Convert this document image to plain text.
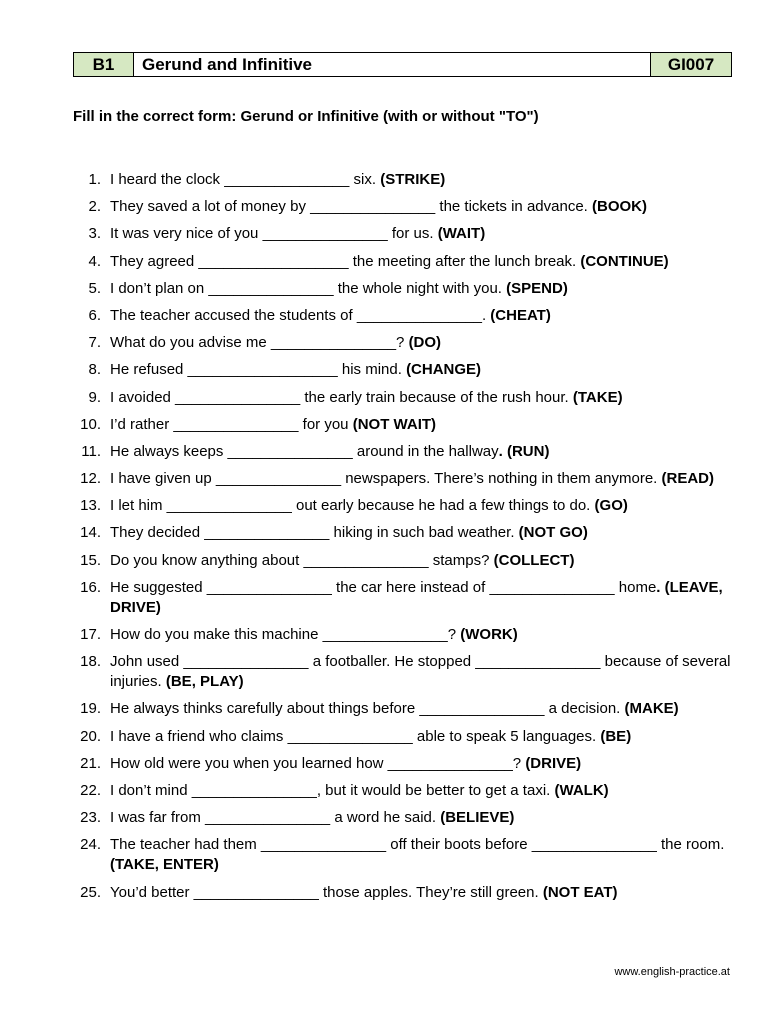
B1	Gerund and Infinitive	GI007
Fill in the correct form: Gerund or Infinitive (with or without "TO")
1. I heard the clock _______________ six. (STRIKE)
2. They saved a lot of money by _______________ the tickets in advance. (BOOK)
3. It was very nice of you _______________ for us. (WAIT)
4. They agreed __________________ the meeting after the lunch break. (CONTINUE)
5. I don’t plan on _______________ the whole night with you. (SPEND)
6. The teacher accused the students of _______________. (CHEAT)
7. What do you advise me _______________? (DO)
8. He refused __________________ his mind. (CHANGE)
9. I avoided _______________ the early train because of the rush hour. (TAKE)
10. I’d rather _______________ for you (NOT WAIT)
11. He always keeps _______________ around in the hallway. (RUN)
12. I have given up _______________ newspapers. There’s nothing in them anymore. (READ)
13. I let him _______________ out early because he had a few things to do. (GO)
14. They decided _______________ hiking in such bad weather. (NOT GO)
15. Do you know anything about _______________ stamps? (COLLECT)
16. He suggested _______________ the car here instead of _______________ home. (LEAVE, DRIVE)
17. How do you make this machine _______________? (WORK)
18. John used _______________ a footballer. He stopped _______________ because of several injuries. (BE, PLAY)
19. He always thinks carefully about things before _______________ a decision. (MAKE)
20. I have a friend who claims _______________ able to speak 5 languages. (BE)
21. How old were you when you learned how _______________? (DRIVE)
22. I don’t mind _______________, but it would be better to get a taxi. (WALK)
23. I was far from _______________ a word he said. (BELIEVE)
24. The teacher had them _______________ off their boots before _______________ the room. (TAKE, ENTER)
25. You’d better _______________ those apples. They’re still green. (NOT EAT)
www.english-practice.at
